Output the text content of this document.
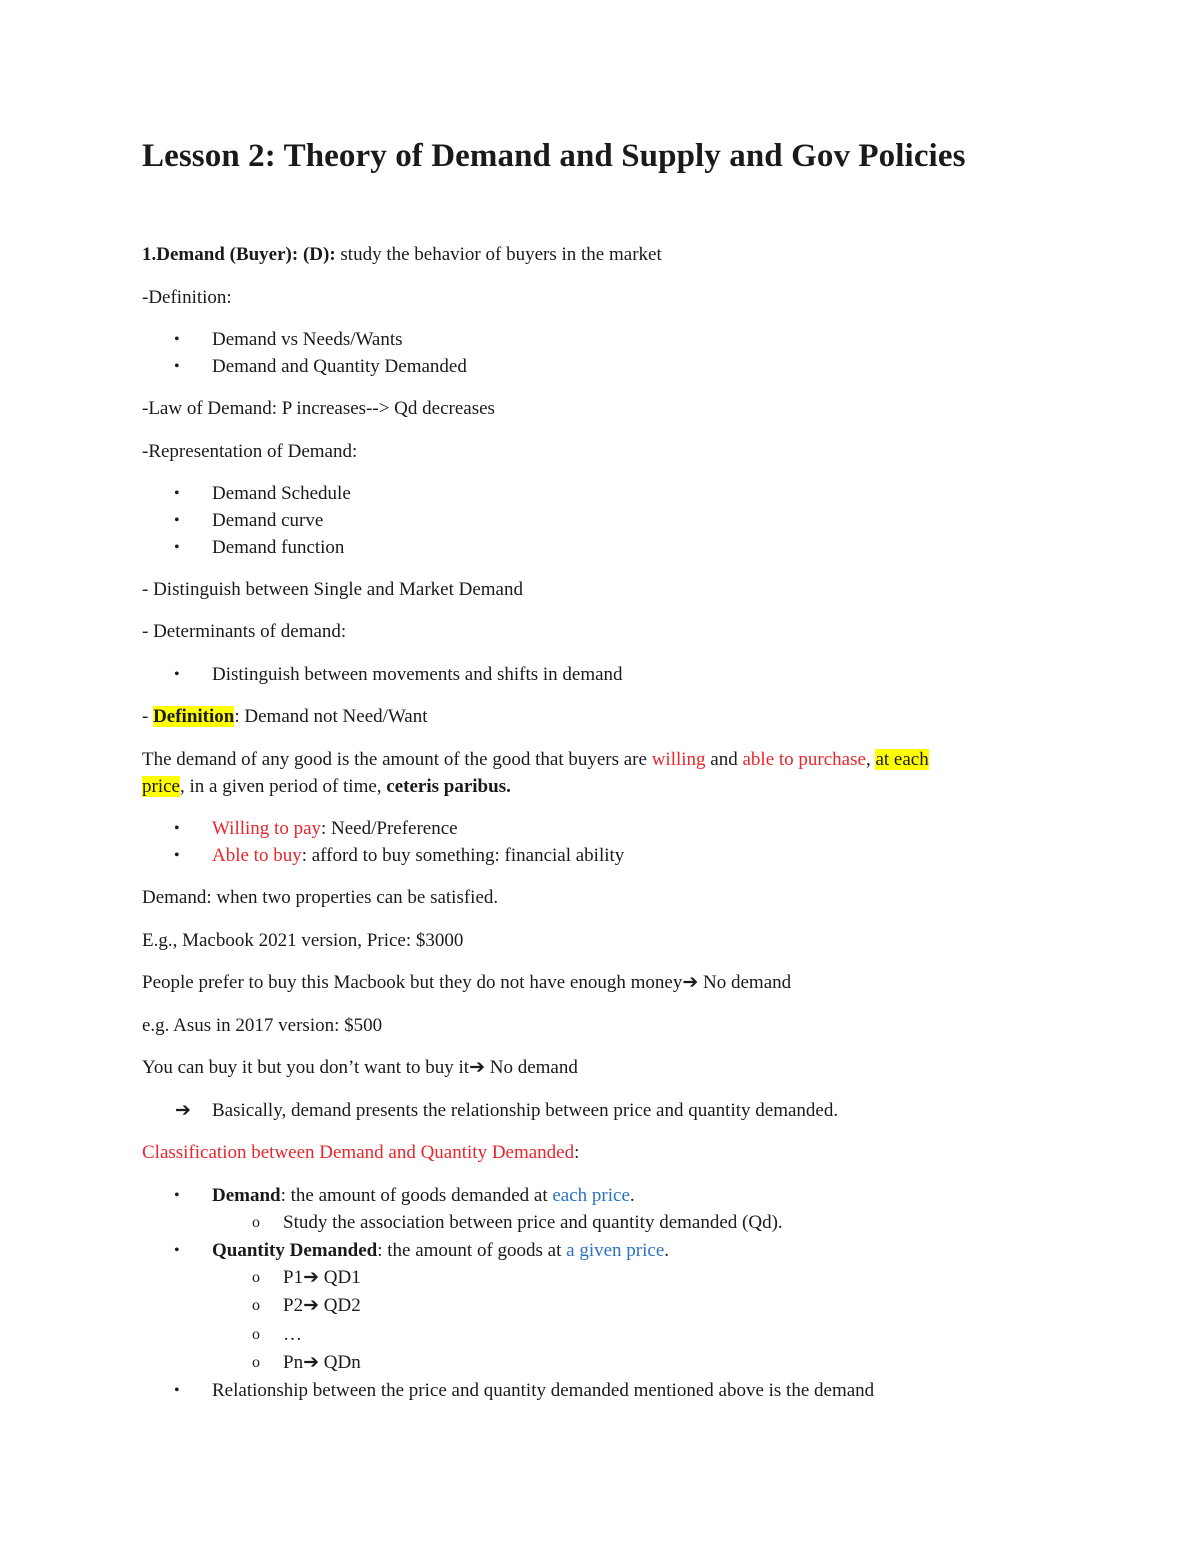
Lesson 2: Theory of Demand and Supply and Gov Policies
1.Demand (Buyer): (D): study the behavior of buyers in the market
-Definition:
• Demand vs Needs/Wants
• Demand and Quantity Demanded
-Law of Demand: P increases--> Qd decreases
-Representation of Demand:
• Demand Schedule
• Demand curve
• Demand function
- Distinguish between Single and Market Demand
- Determinants of demand:
• Distinguish between movements and shifts in demand
- Definition: Demand not Need/Want
The demand of any good is the amount of the good that buyers are willing and able to purchase, at each
price, in a given period of time, ceteris paribus.
• Willing to pay: Need/Preference
• Able to buy: afford to buy something: financial ability
Demand: when two properties can be satisfied.
E.g., Macbook 2021 version, Price: $3000
People prefer to buy this Macbook but they do not have enough money➔ No demand
e.g. Asus in 2017 version: $500
You can buy it but you don’t want to buy it➔ No demand
➔ Basically, demand presents the relationship between price and quantity demanded.
Classification between Demand and Quantity Demanded:
• Demand: the amount of goods demanded at each price.
o Study the association between price and quantity demanded (Qd).
• Quantity Demanded: the amount of goods at a given price.
o P1➔ QD1
o P2➔ QD2
o …
o Pn➔ QDn
• Relationship between the price and quantity demanded mentioned above is the demand
